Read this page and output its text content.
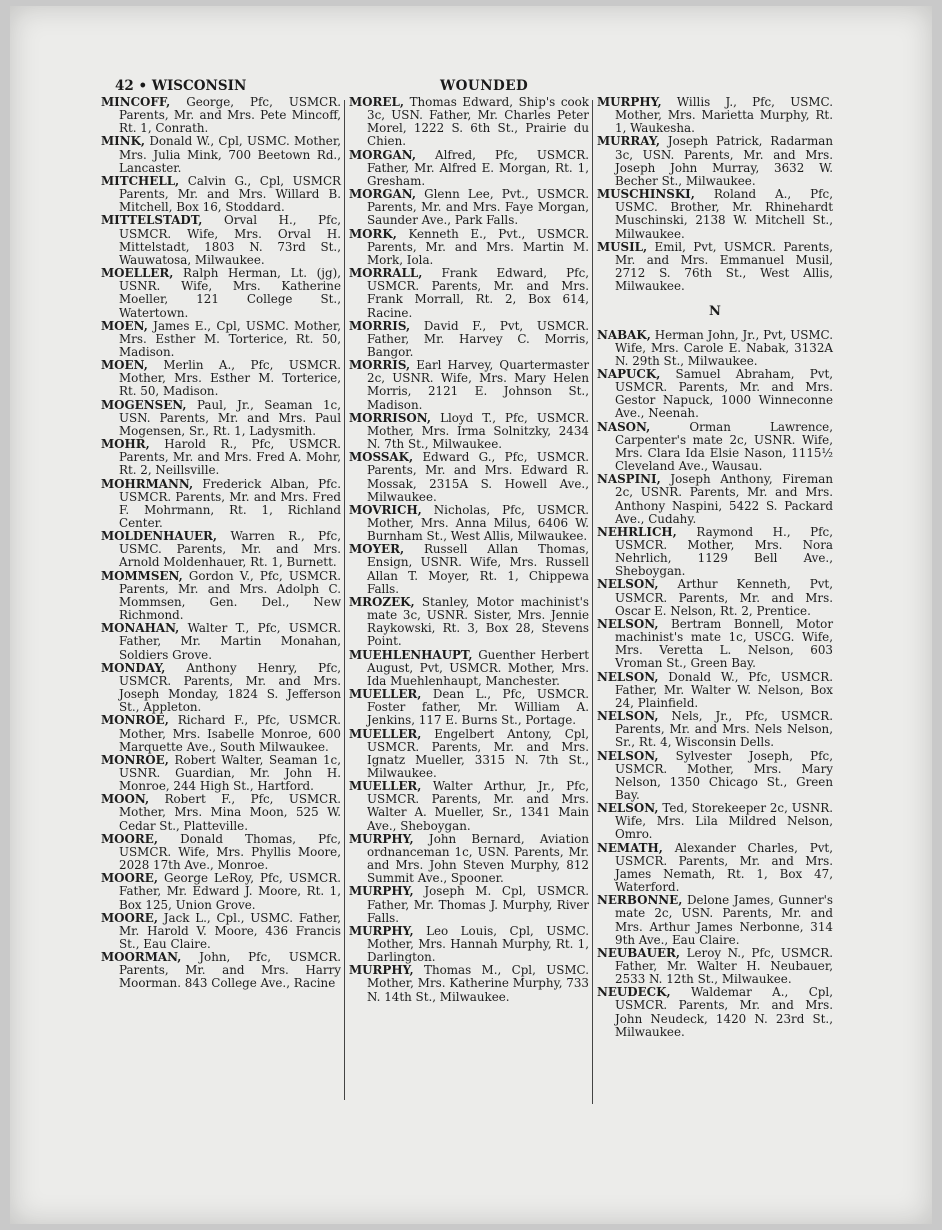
42 • WISCONSIN	WOUNDED

MINCOFF, George, Pfc, USMCR. Parents, Mr. and Mrs. Pete Mincoff, Rt. 1, Conrath.

MINK, Donald W., Cpl, USMC. Mother, Mrs. Julia Mink, 700 Beetown Rd., Lancaster.

MITCHELL, Calvin G., Cpl, USMCR Parents, Mr. and Mrs. Willard B. Mitchell, Box 16, Stoddard.

MITTELSTADT, Orval H., Pfc, USMCR. Wife, Mrs. Orval H. Mittelstadt, 1803 N. 73rd St., Wauwatosa, Milwaukee.

MOELLER, Ralph Herman, Lt. (jg), USNR. Wife, Mrs. Katherine Moeller, 121 College St., Watertown.

MOEN, James E., Cpl, USMC. Mother, Mrs. Esther M. Torterice, Rt. 50, Madison.

MOEN, Merlin A., Pfc, USMCR. Mother, Mrs. Esther M. Torterice, Rt. 50, Madison.

MOGENSEN, Paul, Jr., Seaman 1c, USN. Parents, Mr. and Mrs. Paul Mogensen, Sr., Rt. 1, Ladysmith.

MOHR, Harold R., Pfc, USMCR. Parents, Mr. and Mrs. Fred A. Mohr, Rt. 2, Neillsville.

MOHRMANN, Frederick Alban, Pfc. USMCR. Parents, Mr. and Mrs. Fred F. Mohrmann, Rt. 1, Richland Center.

MOLDENHAUER, Warren R., Pfc, USMC. Parents, Mr. and Mrs. Arnold Moldenhauer, Rt. 1, Burnett.

MOMMSEN, Gordon V., Pfc, USMCR. Parents, Mr. and Mrs. Adolph C. Mommsen, Gen. Del., New Richmond.

MONAHAN, Walter T., Pfc, USMCR. Father, Mr. Martin Monahan, Soldiers Grove.

MONDAY, Anthony Henry, Pfc, USMCR. Parents, Mr. and Mrs. Joseph Monday, 1824 S. Jefferson St., Appleton.

MONROE, Richard F., Pfc, USMCR. Mother, Mrs. Isabelle Monroe, 600 Marquette Ave., South Milwaukee.

MONROE, Robert Walter, Seaman 1c, USNR. Guardian, Mr. John H. Monroe, 244 High St., Hartford.

MOON, Robert F., Pfc, USMCR. Mother, Mrs. Mina Moon, 525 W. Cedar St., Platteville.

MOORE, Donald Thomas, Pfc, USMCR. Wife, Mrs. Phyllis Moore, 2028 17th Ave., Monroe.

MOORE, George LeRoy, Pfc, USMCR. Father, Mr. Edward J. Moore, Rt. 1, Box 125, Union Grove.

MOORE, Jack L., Cpl., USMC. Father, Mr. Harold V. Moore, 436 Francis St., Eau Claire.

MOORMAN, John, Pfc, USMCR. Parents, Mr. and Mrs. Harry Moorman. 843 College Ave., Racine

MOREL, Thomas Edward, Ship's cook 3c, USN. Father, Mr. Charles Peter Morel, 1222 S. 6th St., Prairie du Chien.

MORGAN, Alfred, Pfc, USMCR. Father, Mr. Alfred E. Morgan, Rt. 1, Gresham.

MORGAN, Glenn Lee, Pvt., USMCR. Parents, Mr. and Mrs. Faye Morgan, Saunder Ave., Park Falls.

MORK, Kenneth E., Pvt., USMCR. Parents, Mr. and Mrs. Martin M. Mork, Iola.

MORRALL, Frank Edward, Pfc, USMCR. Parents, Mr. and Mrs. Frank Morrall, Rt. 2, Box 614, Racine.

MORRIS, David F., Pvt, USMCR. Father, Mr. Harvey C. Morris, Bangor.

MORRIS, Earl Harvey, Quartermaster 2c, USNR. Wife, Mrs. Mary Helen Morris, 2121 E. Johnson St., Madison.

MORRISON, Lloyd T., Pfc, USMCR. Mother, Mrs. Irma Solnitzky, 2434 N. 7th St., Milwaukee.

MOSSAK, Edward G., Pfc, USMCR. Parents, Mr. and Mrs. Edward R. Mossak, 2315A S. Howell Ave., Milwaukee.

MOVRICH, Nicholas, Pfc, USMCR. Mother, Mrs. Anna Milus, 6406 W. Burnham St., West Allis, Milwaukee.

MOYER, Russell Allan Thomas, Ensign, USNR. Wife, Mrs. Russell Allan T. Moyer, Rt. 1, Chippewa Falls.

MROZEK, Stanley, Motor machinist's mate 3c, USNR. Sister, Mrs. Jennie Raykowski, Rt. 3, Box 28, Stevens Point.

MUEHLENHAUPT, Guenther Herbert August, Pvt, USMCR. Mother, Mrs. Ida Muehlenhaupt, Manchester.

MUELLER, Dean L., Pfc, USMCR. Foster father, Mr. William A. Jenkins, 117 E. Burns St., Portage.

MUELLER, Engelbert Antony, Cpl, USMCR. Parents, Mr. and Mrs. Ignatz Mueller, 3315 N. 7th St., Milwaukee.

MUELLER, Walter Arthur, Jr., Pfc, USMCR. Parents, Mr. and Mrs. Walter A. Mueller, Sr., 1341 Main Ave., Sheboygan.

MURPHY, John Bernard, Aviation ordnanceman 1c, USN. Parents, Mr. and Mrs. John Steven Murphy, 812 Summit Ave., Spooner.

MURPHY, Joseph M. Cpl, USMCR. Father, Mr. Thomas J. Murphy, River Falls.

MURPHY, Leo Louis, Cpl, USMC. Mother, Mrs. Hannah Murphy, Rt. 1, Darlington.

MURPHY, Thomas M., Cpl, USMC. Mother, Mrs. Katherine Murphy, 733 N. 14th St., Milwaukee.

MURPHY, Willis J., Pfc, USMC. Mother, Mrs. Marietta Murphy, Rt. 1, Waukesha.

MURRAY, Joseph Patrick, Radarman 3c, USN. Parents, Mr. and Mrs. Joseph John Murray, 3632 W. Becher St., Milwaukee.

MUSCHINSKI, Roland A., Pfc, USMC. Brother, Mr. Rhinehardt Muschinski, 2138 W. Mitchell St., Milwaukee.

MUSIL, Emil, Pvt, USMCR. Parents, Mr. and Mrs. Emmanuel Musil, 2712 S. 76th St., West Allis, Milwaukee.

N

NABAK, Herman John, Jr., Pvt, USMC. Wife, Mrs. Carole E. Nabak, 3132A N. 29th St., Milwaukee.

NAPUCK, Samuel Abraham, Pvt, USMCR. Parents, Mr. and Mrs. Gestor Napuck, 1000 Winneconne Ave., Neenah.

NASON,	Orman Lawrence, Carpenter's mate 2c, USNR. Wife, Mrs. Clara Ida Elsie Nason, 1115½ Cleveland Ave., Wausau.

NASPINI, Joseph Anthony, Fireman 2c, USNR. Parents, Mr. and Mrs. Anthony Naspini, 5422 S. Packard Ave., Cudahy.

NEHRLICH, Raymond H., Pfc, USMCR. Mother, Mrs. Nora Nehrlich, 1129 Bell Ave., Sheboygan.

NELSON, Arthur Kenneth, Pvt, USMCR. Parents, Mr. and Mrs. Oscar E. Nelson, Rt. 2, Prentice.

NELSON, Bertram Bonnell, Motor machinist's mate 1c, USCG. Wife, Mrs. Veretta L. Nelson, 603 Vroman St., Green Bay.

NELSON, Donald W., Pfc, USMCR. Father, Mr. Walter W. Nelson, Box 24, Plainfield.

NELSON, Nels, Jr., Pfc, USMCR. Parents, Mr. and Mrs. Nels Nelson, Sr., Rt. 4, Wisconsin Dells.

NELSON, Sylvester Joseph, Pfc, USMCR. Mother, Mrs. Mary Nelson, 1350 Chicago St., Green Bay.

NELSON, Ted, Storekeeper 2c, USNR. Wife, Mrs. Lila Mildred Nelson, Omro.

NEMATH, Alexander Charles, Pvt, USMCR. Parents, Mr. and Mrs. James Nemath, Rt. 1, Box 47, Waterford.

NERBONNE, Delone James, Gunner's mate 2c, USN. Parents, Mr. and Mrs. Arthur James Nerbonne, 314 9th Ave., Eau Claire.

NEUBAUER, Leroy N., Pfc, USMCR. Father, Mr. Walter H. Neubauer, 2533 N. 12th St., Milwaukee.

NEUDECK, Waldemar A., Cpl, USMCR. Parents, Mr. and Mrs. John Neudeck, 1420 N. 23rd St., Milwaukee.
